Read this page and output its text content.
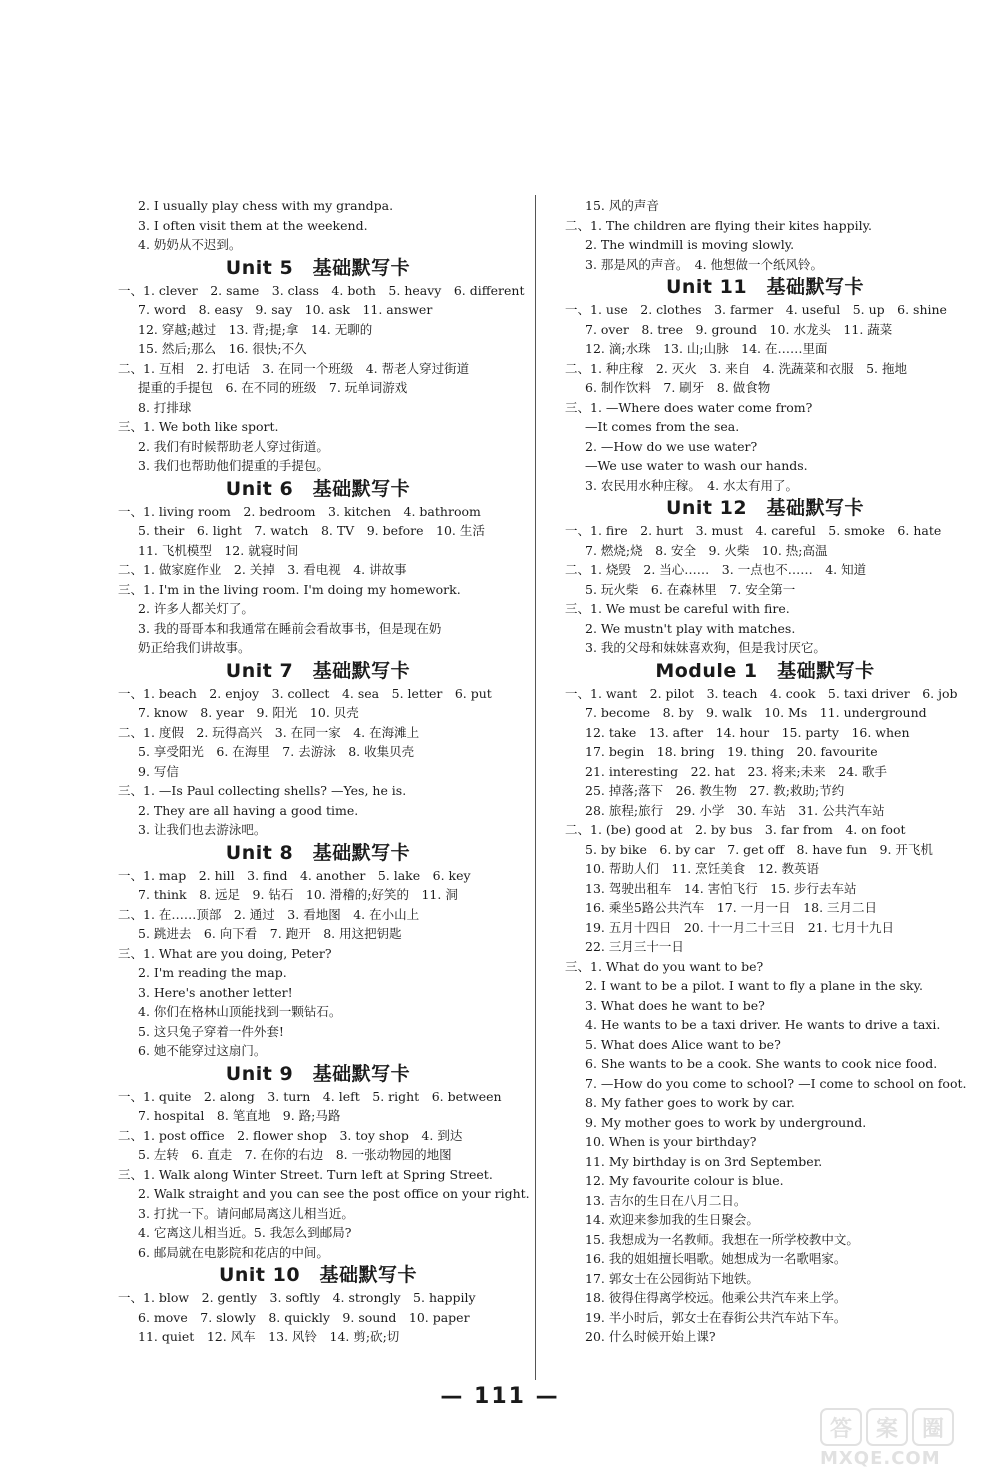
2. I usually play chess with my grandpa.
3. I often visit them at the weekend.
4. 奶奶从不迟到。
Unit 5　基础默写卡
一、1. clever　2. same　3. class　4. both　5. heavy　6. different
7. word　8. easy　9. say　10. ask　11. answer
12. 穿越;越过　13. 背;提;拿　14. 无聊的
15. 然后;那么　16. 很快;不久
二、1. 互相　2. 打电话　3. 在同一个班级　4. 帮老人穿过街道
提重的手提包　6. 在不同的班级　7. 玩单词游戏
8. 打排球
三、1. We both like sport.
2. 我们有时候帮助老人穿过街道。
3. 我们也帮助他们提重的手提包。
Unit 6　基础默写卡
一、1. living room　2. bedroom　3. kitchen　4. bathroom
5. their　6. light　7. watch　8. TV　9. before　10. 生活
11. 飞机模型　12. 就寝时间
二、1. 做家庭作业　2. 关掉　3. 看电视　4. 讲故事
三、1. I'm in the living room. I'm doing my homework.
2. 许多人都关灯了。
3. 我的哥哥本和我通常在睡前会看故事书，但是现在奶
奶正给我们讲故事。
Unit 7　基础默写卡
一、1. beach　2. enjoy　3. collect　4. sea　5. letter　6. put
7. know　8. year　9. 阳光　10. 贝壳
二、1. 度假　2. 玩得高兴　3. 在同一家　4. 在海滩上
5. 享受阳光　6. 在海里　7. 去游泳　8. 收集贝壳
9. 写信
三、1. —Is Paul collecting shells? —Yes, he is.
2. They are all having a good time.
3. 让我们也去游泳吧。
Unit 8　基础默写卡
一、1. map　2. hill　3. find　4. another　5. lake　6. key
7. think　8. 远足　9. 钻石　10. 滑稽的;好笑的　11. 洞
二、1. 在……顶部　2. 通过　3. 看地图　4. 在小山上
5. 跳进去　6. 向下看　7. 跑开　8. 用这把钥匙
三、1. What are you doing, Peter?
2. I'm reading the map.
3. Here's another letter!
4. 你们在格林山顶能找到一颗钻石。
5. 这只兔子穿着一件外套!
6. 她不能穿过这扇门。
Unit 9　基础默写卡
一、1. quite　2. along　3. turn　4. left　5. right　6. between
7. hospital　8. 笔直地　9. 路;马路
二、1. post office　2. flower shop　3. toy shop　4. 到达
5. 左转　6. 直走　7. 在你的右边　8. 一张动物园的地图
三、1. Walk along Winter Street. Turn left at Spring Street.
2. Walk straight and you can see the post office on your right.
3. 打扰一下。请问邮局离这儿相当近。
4. 它离这儿相当近。5. 我怎么到邮局?
6. 邮局就在电影院和花店的中间。
Unit 10　基础默写卡
一、1. blow　2. gently　3. softly　4. strongly　5. happily
6. move　7. slowly　8. quickly　9. sound　10. paper
11. quiet　12. 风车　13. 风铃　14. 剪;砍;切
15. 风的声音
二、1. The children are flying their kites happily.
2. The windmill is moving slowly.
3. 那是风的声音。　4. 他想做一个纸风铃。
Unit 11　基础默写卡
一、1. use　2. clothes　3. farmer　4. useful　5. up　6. shine
7. over　8. tree　9. ground　10. 水龙头　11. 蔬菜
12. 滴;水珠　13. 山;山脉　14. 在……里面
二、1. 种庄稼　2. 灭火　3. 来自　4. 洗蔬菜和衣服　5. 拖地
6. 制作饮料　7. 刷牙　8. 做食物
三、1. —Where does water come from?
—It comes from the sea.
2. —How do we use water?
—We use water to wash our hands.
3. 农民用水种庄稼。　4. 水太有用了。
Unit 12　基础默写卡
一、1. fire　2. hurt　3. must　4. careful　5. smoke　6. hate
7. 燃烧;烧　8. 安全　9. 火柴　10. 热;高温
二、1. 烧毁　2. 当心……　3. 一点也不……　4. 知道
5. 玩火柴　6. 在森林里　7. 安全第一
三、1. We must be careful with fire.
2. We mustn't play with matches.
3. 我的父母和妹妹喜欢狗，但是我讨厌它。
Module 1　基础默写卡
一、1. want　2. pilot　3. teach　4. cook　5. taxi driver　6. job
7. become　8. by　9. walk　10. Ms　11. underground
12. take　13. after　14. hour　15. party　16. when
17. begin　18. bring　19. thing　20. favourite
21. interesting　22. hat　23. 将来;未来　24. 歌手
25. 掉落;落下　26. 教生物　27. 教;救助;节约
28. 旅程;旅行　29. 小学　30. 车站　31. 公共汽车站
二、1. (be) good at　2. by bus　3. far from　4. on foot
5. by bike　6. by car　7. get off　8. have fun　9. 开飞机
10. 帮助人们　11. 烹饪美食　12. 教英语
13. 驾驶出租车　14. 害怕飞行　15. 步行去车站
16. 乘坐5路公共汽车　17. 一月一日　18. 三月二日
19. 五月十四日　20. 十一月二十三日　21. 七月十九日
22. 三月三十一日
三、1. What do you want to be?
2. I want to be a pilot. I want to fly a plane in the sky.
3. What does he want to be?
4. He wants to be a taxi driver. He wants to drive a taxi.
5. What does Alice want to be?
6. She wants to be a cook. She wants to cook nice food.
7. —How do you come to school? —I come to school on foot.
8. My father goes to work by car.
9. My mother goes to work by underground.
10. When is your birthday?
11. My birthday is on 3rd September.
12. My favourite colour is blue.
13. 吉尔的生日在八月二日。
14. 欢迎来参加我的生日聚会。
15. 我想成为一名教师。我想在一所学校教中文。
16. 我的姐姐擅长唱歌。她想成为一名歌唱家。
17. 郭女士在公园街站下地铁。
18. 彼得住得离学校远。他乘公共汽车来上学。
19. 半小时后，郭女士在春街公共汽车站下车。
20. 什么时候开始上课?
— 111 —
答	案	圈
MXQE.COM
